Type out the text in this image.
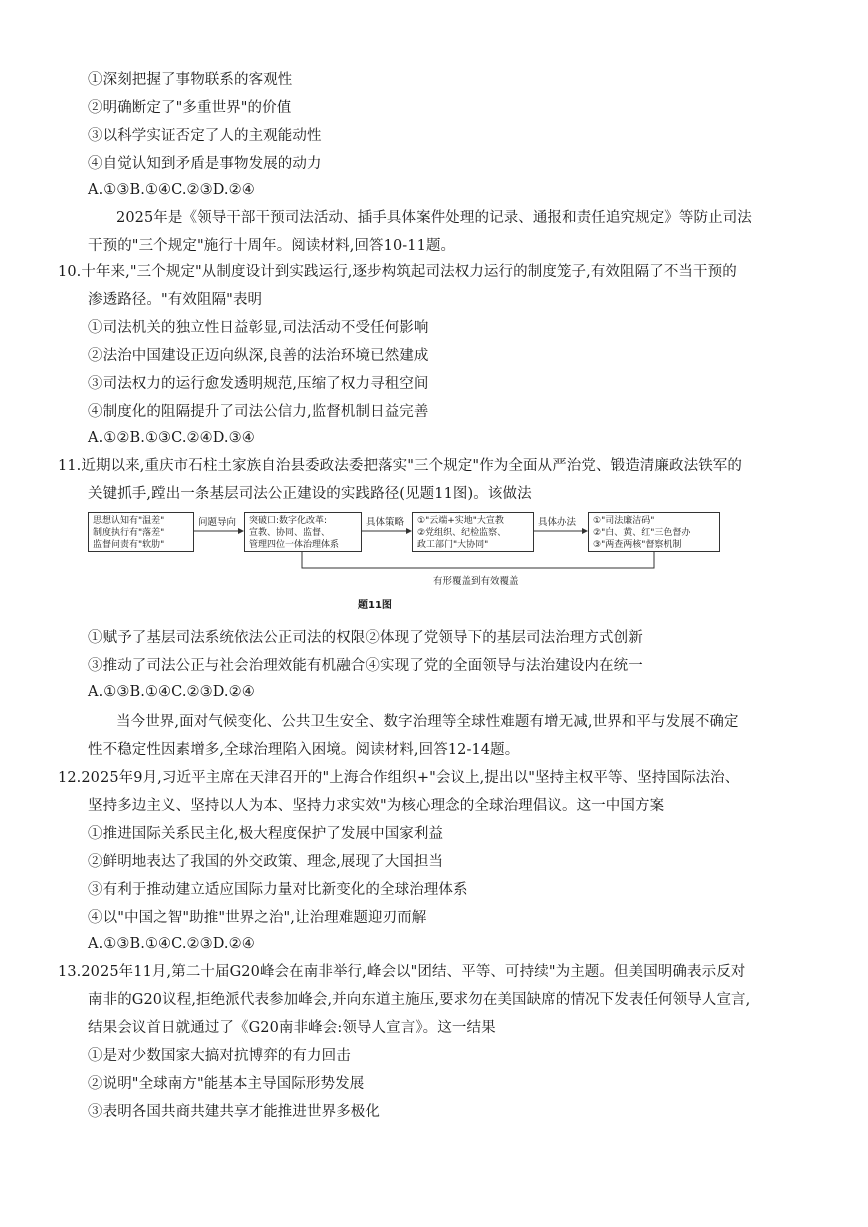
①深刻把握了事物联系的客观性
②明确断定了"多重世界"的价值
③以科学实证否定了人的主观能动性
④自觉认知到矛盾是事物发展的动力
A.①③B.①④C.②③D.②④
2025年是《领导干部干预司法活动、插手具体案件处理的记录、通报和责任追究规定》等防止司法
干预的"三个规定"施行十周年。阅读材料,回答10-11题。
10.十年来,"三个规定"从制度设计到实践运行,逐步构筑起司法权力运行的制度笼子,有效阻隔了不当干预的
渗透路径。"有效阻隔"表明
①司法机关的独立性日益彰显,司法活动不受任何影响
②法治中国建设正迈向纵深,良善的法治环境已然建成
③司法权力的运行愈发透明规范,压缩了权力寻租空间
④制度化的阻隔提升了司法公信力,监督机制日益完善
A.①②B.①③C.②④D.③④
11.近期以来,重庆市石柱土家族自治县委政法委把落实"三个规定"作为全面从严治党、锻造清廉政法铁军的
关键抓手,蹚出一条基层司法公正建设的实践路径(见题11图)。该做法
思想认知有"温差"
制度执行有"落差"
监督问责有"软肋"
问题导向 突破口:数字化改革:
宣教、协同、监督、
管理四位一体治理体系
具体策略 ①"云端+实地"大宣教
②党组织、纪检监察、
政工部门"大协同"
具体办法 ①"司法廉洁码"
②"白、黄、红"三色督办
③"两查两核"督察机制
有形覆盖到有效覆盖
题11图
①赋予了基层司法系统依法公正司法的权限②体现了党领导下的基层司法治理方式创新
③推动了司法公正与社会治理效能有机融合④实现了党的全面领导与法治建设内在统一
A.①③B.①④C.②③D.②④
当今世界,面对气候变化、公共卫生安全、数字治理等全球性难题有增无减,世界和平与发展不确定
性不稳定性因素增多,全球治理陷入困境。阅读材料,回答12-14题。
12.2025年9月,习近平主席在天津召开的"上海合作组织+"会议上,提出以"坚持主权平等、坚持国际法治、
坚持多边主义、坚持以人为本、坚持力求实效"为核心理念的全球治理倡议。这一中国方案
①推进国际关系民主化,极大程度保护了发展中国家利益
②鲜明地表达了我国的外交政策、理念,展现了大国担当
③有利于推动建立适应国际力量对比新变化的全球治理体系
④以"中国之智"助推"世界之治",让治理难题迎刃而解
A.①③B.①④C.②③D.②④
13.2025年11月,第二十届G20峰会在南非举行,峰会以"团结、平等、可持续"为主题。但美国明确表示反对
南非的G20议程,拒绝派代表参加峰会,并向东道主施压,要求勿在美国缺席的情况下发表任何领导人宣言,
结果会议首日就通过了《G20南非峰会:领导人宣言》。这一结果
①是对少数国家大搞对抗博弈的有力回击
②说明"全球南方"能基本主导国际形势发展
③表明各国共商共建共享才能推进世界多极化
